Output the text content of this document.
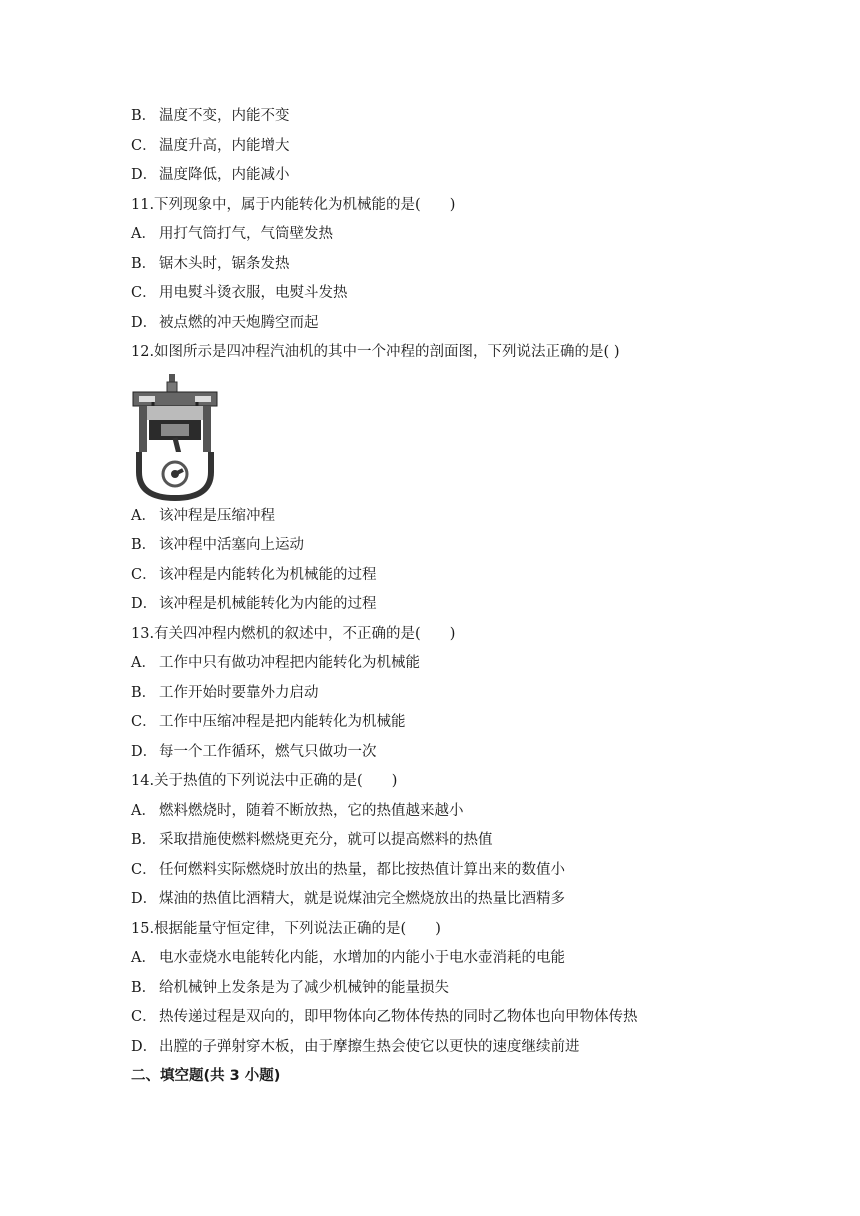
B． 温度不变，内能不变
C． 温度升高，内能增大
D． 温度降低，内能减小
11.下列现象中，属于内能转化为机械能的是(　　)
A． 用打气筒打气，气筒壁发热
B． 锯木头时，锯条发热
C． 用电熨斗烫衣服，电熨斗发热
D． 被点燃的冲天炮腾空而起
12.如图所示是四冲程汽油机的其中一个冲程的剖面图，下列说法正确的是( )
A． 该冲程是压缩冲程
B． 该冲程中活塞向上运动
C． 该冲程是内能转化为机械能的过程
D． 该冲程是机械能转化为内能的过程
13.有关四冲程内燃机的叙述中，不正确的是(　　)
A． 工作中只有做功冲程把内能转化为机械能
B． 工作开始时要靠外力启动
C． 工作中压缩冲程是把内能转化为机械能
D． 每一个工作循环，燃气只做功一次
14.关于热值的下列说法中正确的是(　　)
A． 燃料燃烧时，随着不断放热，它的热值越来越小
B． 采取措施使燃料燃烧更充分，就可以提高燃料的热值
C． 任何燃料实际燃烧时放出的热量，都比按热值计算出来的数值小
D． 煤油的热值比酒精大，就是说煤油完全燃烧放出的热量比酒精多
15.根据能量守恒定律，下列说法正确的是(　　)
A． 电水壶烧水电能转化内能，水增加的内能小于电水壶消耗的电能
B． 给机械钟上发条是为了减少机械钟的能量损失
C． 热传递过程是双向的，即甲物体向乙物体传热的同时乙物体也向甲物体传热
D． 出膛的子弹射穿木板，由于摩擦生热会使它以更快的速度继续前进
二、填空题(共 3 小题)
